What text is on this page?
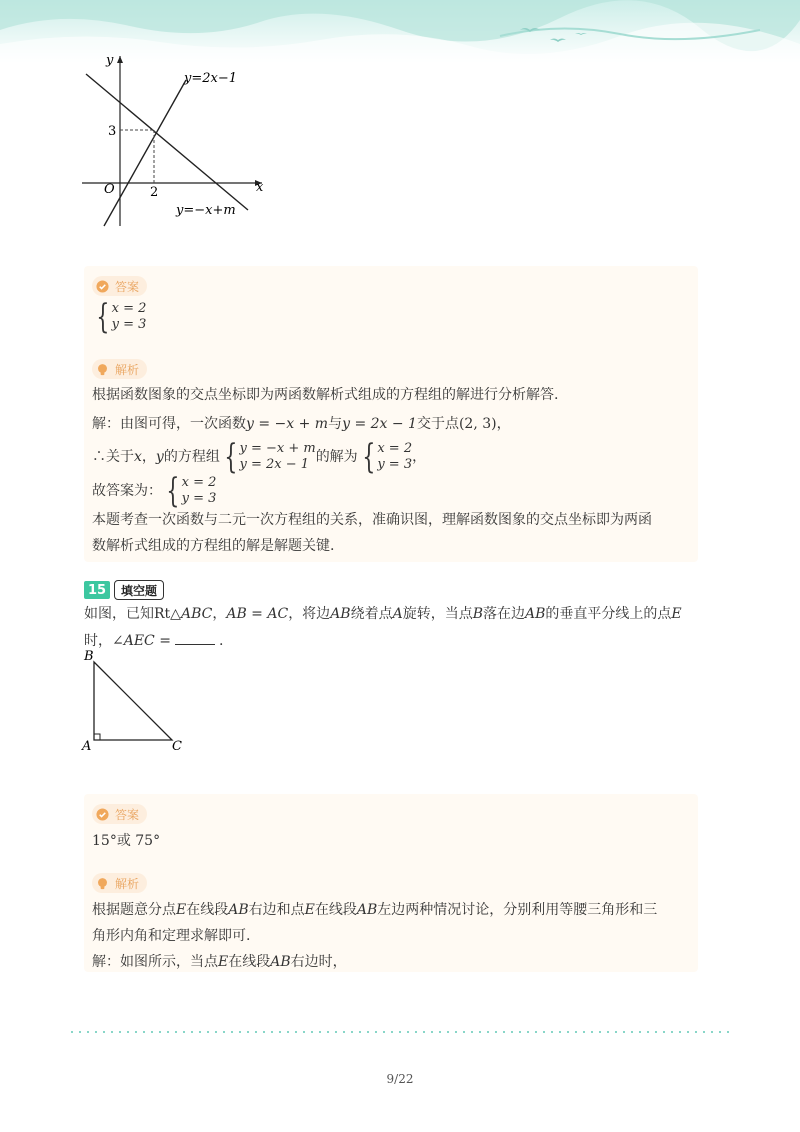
y
x
O
3
2
y=2x−1
y=−x+m
答案
{ x = 2
y = 3
解析
根据函数图象的交点坐标即为两函数解析式组成的方程组的解进行分析解答.
解：由图可得，一次函数y = −x + m与y = 2x − 1交于点(2, 3)，
∴关于x，y的方程组 { y = −x + m
y = 2x − 1 的解为 { x = 2
y = 3 ，
故答案为： { x = 2
y = 3
本题考查一次函数与二元一次方程组的关系，准确识图，理解函数图象的交点坐标即为两函
数解析式组成的方程组的解是解题关键.
15	填空题
如图，已知Rt△ABC，AB = AC，将边AB绕着点A旋转，当点B落在边AB的垂直平分线上的点E
时，∠AEC =	.
B
A	C
答案
15°或 75°
解析
根据题意分点E在线段AB右边和点E在线段AB左边两种情况讨论，分别利用等腰三角形和三
角形内角和定理求解即可.
解：如图所示，当点E在线段AB右边时，
9/22
